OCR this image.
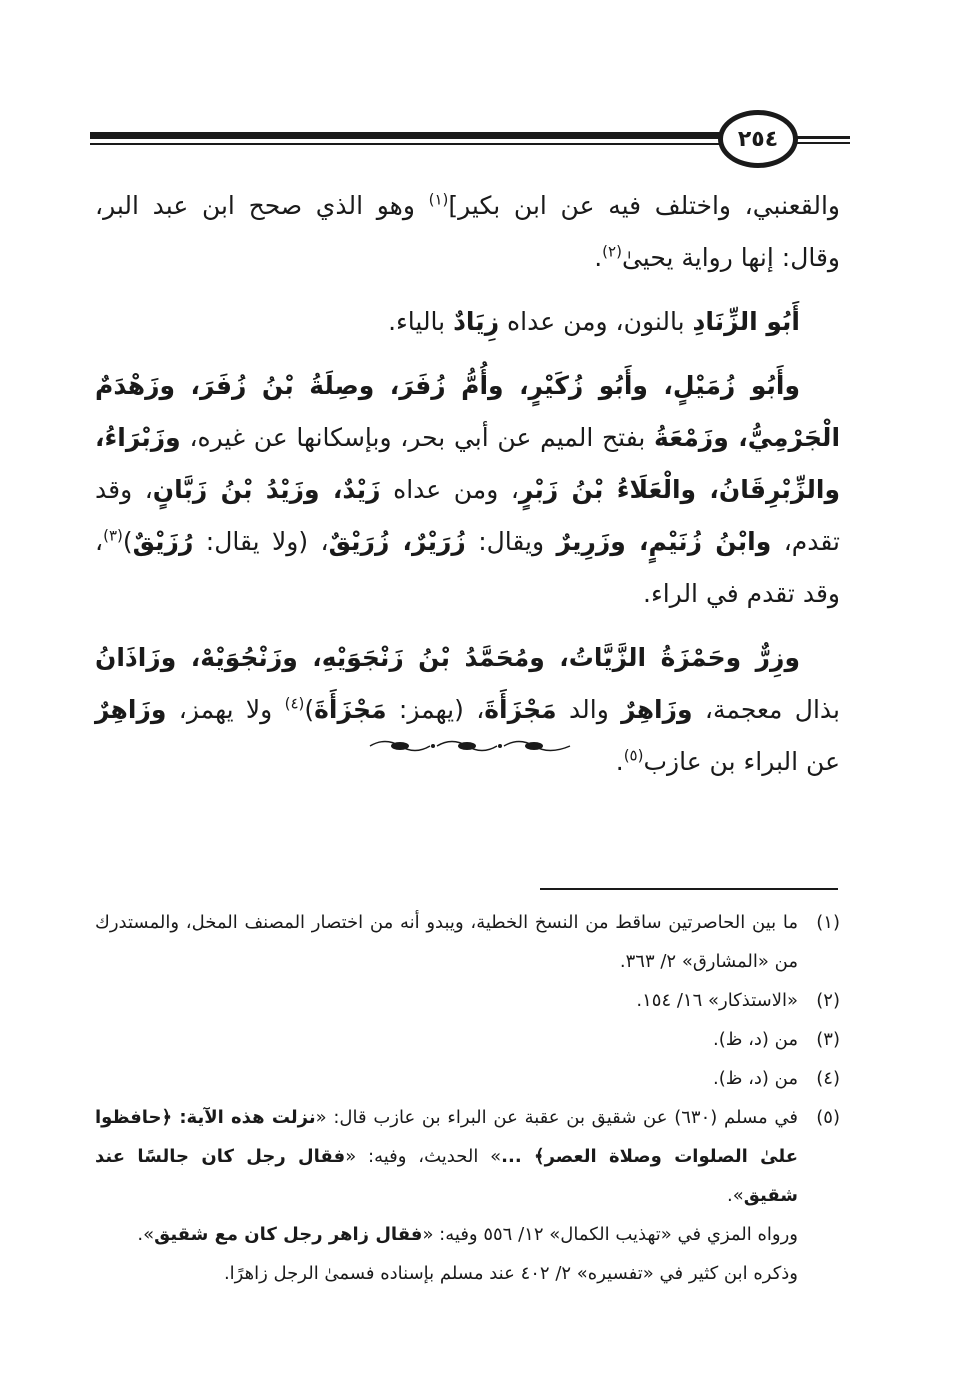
٢٥٤

والقعنبي، واختلف فيه عن ابن بكير]$^{(١)}$ وهو الذي صحح ابن عبد البر، وقال: إنها رواية يحيىٰ$^{(٢)}$.

أَبُو الزِّنَادِ بالنون، ومن عداه زِيَادٌ بالياء.

وأَبُو زُمَيْلٍ، وأَبُو زُكَيْرٍ، وأُمُّ زُفَرَ، وصِلَةُ بْنُ زُفَرَ، وزَهْدَمٌ الْجَرْمِيُّ، وزَمْعَةُ بفتح الميم عن أبي بحر، وبإسكانها عن غيره، وزَبْرَاءُ، والزِّبْرِقَانُ، والْعَلَاءُ بْنُ زَبْرٍ، ومن عداه زَيْدٌ، وزَيْدُ بْنُ زَبَّانٍ، وقد تقدم، وابْنُ زُنَيْمٍ، وزَرِيرٌ ويقال: زُرَيْرٌ، زُرَيْقٌ، (ولا يقال: رُزَيْقٌ)$^{(٣)}$، وقد تقدم في الراء.

وزِرٌّ وحَمْزَةُ الزَّيَّاتُ، ومُحَمَّدُ بْنُ زَنْجَوَيْهِ، وزَنْجُوَيْهْ، وزَاذَانُ بذال معجمة، وزَاهِرٌ والد مَجْزَأَةَ، (يهمز: مَجْزَأَةَ)$^{(٤)}$ ولا يهمز، وزَاهِرٌ عن البراء بن عازب$^{(٥)}$.

(١)
ما بين الحاصرتين ساقط من النسخ الخطية، ويبدو أنه من اختصار المصنف المخل، والمستدرك من «المشارق» ٢/ ٣٦٣.
(٢)
«الاستذكار» ١٦/ ١٥٤.
(٣)
من (د، ظ).
(٤)
من (د، ظ).
(٥)
في مسلم (٦٣٠) عن شقيق بن عقبة عن البراء بن عازب قال: «نزلت هذه الآية: ﴿حافظوا علىٰ الصلوات وصلاة العصر﴾ ...» الحديث، وفيه: «فقال رجل كان جالسًا عند شقيق».
ورواه المزي في «تهذيب الكمال» ١٢/ ٥٥٦ وفيه: «فقال زاهر رجل كان مع شقيق».
وذكره ابن كثير في «تفسيره» ٢/ ٤٠٢ عند مسلم بإسناده فسمىٰ الرجل زاهرًا.
